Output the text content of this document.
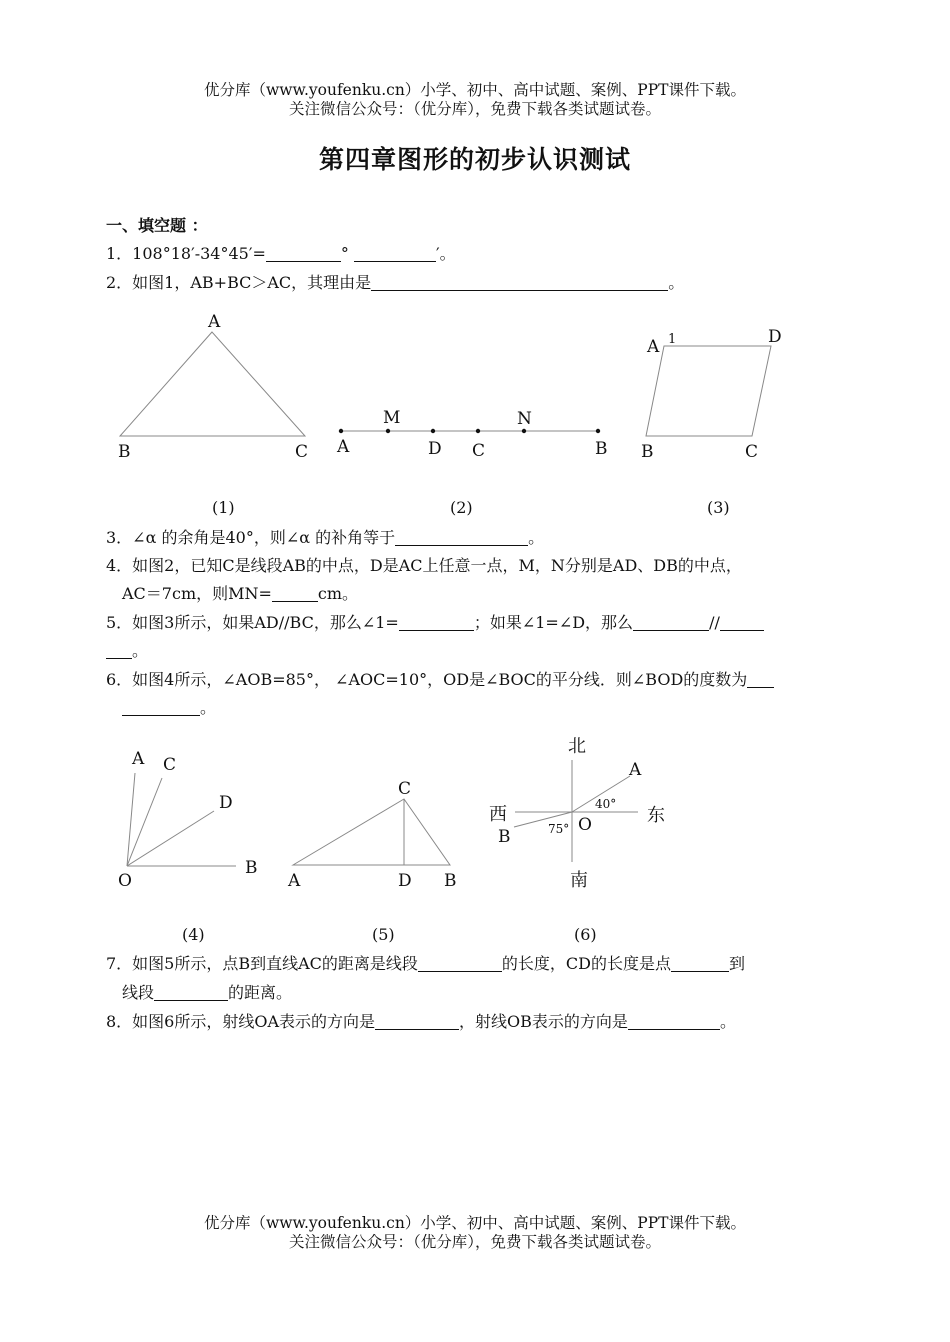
优分库（www.youfenku.cn）小学、初中、高中试题、案例、PPT课件下载。
关注微信公众号：（优分库），免费下载各类试题试卷。
第四章图形的初步认识测试
一、填空题 ：
1．108°18′-34°45′=	°	′。
2．如图1，AB+BC＞AC，其理由是	。
A
B	C A
M
D C
N
B
A 1	D
B	C
(1)	(2)	(3)
3．∠α 的余角是40°，则∠α 的补角等于	。
4．如图2，已知C是线段AB的中点，D是AC上任意一点，M，N分别是AD、DB的中点，
AC＝7cm，则MN=	cm。
5．如图3所示，如果AD//BC，那么∠1=	；如果∠1=∠D，那么	//
。
6．如图4所示，∠AOB=85°， ∠AOC=10°，OD是∠BOC的平分线．则∠BOD的度数为
。
A C
D
O
B
C
A	D B
北
南
西	东
A
B
O
40°
75°
(4)	(5)	(6)
7．如图5所示，点B到直线AC的距离是线段	的长度，CD的长度是点	到
线段	的距离。
8．如图6所示，射线OA表示的方向是	，射线OB表示的方向是	。
优分库（www.youfenku.cn）小学、初中、高中试题、案例、PPT课件下载。
关注微信公众号：（优分库），免费下载各类试题试卷。
